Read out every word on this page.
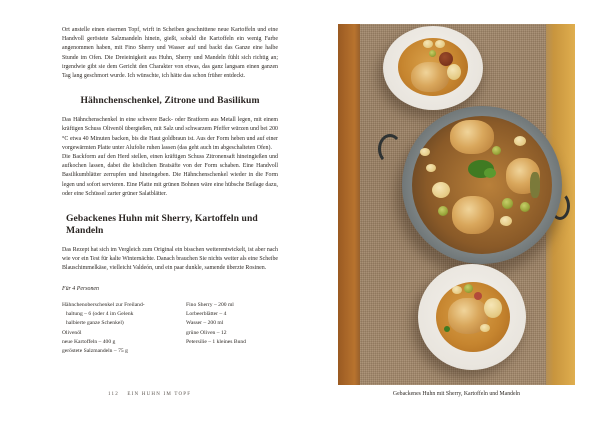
Ort anstelle einen eisernen Topf, wirft in Scheiben geschnittene neue Kartoffeln und eine Handvoll geröstete Salzmandeln hinein, gießt, sobald die Kartoffeln ein wenig Farbe angenommen haben, mit Fino Sherry und Wasser auf und backt das Ganze eine halbe Stunde im Ofen. Die Dreieinigkeit aus Huhn, Sherry und Mandeln fühlt sich richtig an; irgendwie gibt sie dem Gericht den Charakter von etwas, das ganz langsam einen ganzen Tag lang geschmort wurde. Ich wünschte, ich hätte das schon früher entdeckt.

Hähnchenschenkel, Zitrone und Basilikum

Das Hähnchenschenkel in eine schwere Back- oder Bratform aus Metall legen, mit einem kräftigen Schuss Olivenöl übergießen, mit Salz und schwarzem Pfeffer würzen und bei 200 °C etwa 40 Minuten backen, bis die Haut goldbraun ist. Aus der Form heben und auf einer vorgewärmten Platte unter Alufolie ruhen lassen (das geht auch im abgeschalteten Ofen).

Die Backform auf den Herd stellen, einen kräftigen Schuss Zitronensaft hineingießen und aufkochen lassen, dabei die köstlichen Bratsäfte von der Form schaben. Eine Handvoll Basilikumblätter zerrupfen und hineingeben. Die Hähnchenschenkel wieder in die Form legen und sofort servieren. Eine Platte mit grünen Bohnen wäre eine hübsche Beilage dazu, oder eine Schüssel zarter grüner Salatblätter.

Gebackenes Huhn mit Sherry, Kartoffeln und Mandeln

Das Rezept hat sich im Vergleich zum Original ein bisschen weiterentwickelt, ist aber nach wie vor ein Test für kalte Winternächte. Danach brauchen Sie nichts weiter als eine Scheibe Blauschimmelkäse, vielleicht Valdeón, und ein paar dunkle, samende überzte Rosinen.

Für 4 Personen

Hähnchenoberschenkel zur Freiland-
haltung – 6 (oder 4 im Gelenk
halbierte ganze Schenkel)
Olivenöl
neue Kartoffeln – 400 g
geröstete Salzmandeln – 75 g
Fino Sherry – 200 ml
Lorbeerblätter – 4
Wasser – 200 ml
grüne Oliven – 12
Petersilie – 1 kleines Bund
112 EIN HUHN IM TOPF	Gebackenes Huhn mit Sherry, Kartoffeln und Mandeln
